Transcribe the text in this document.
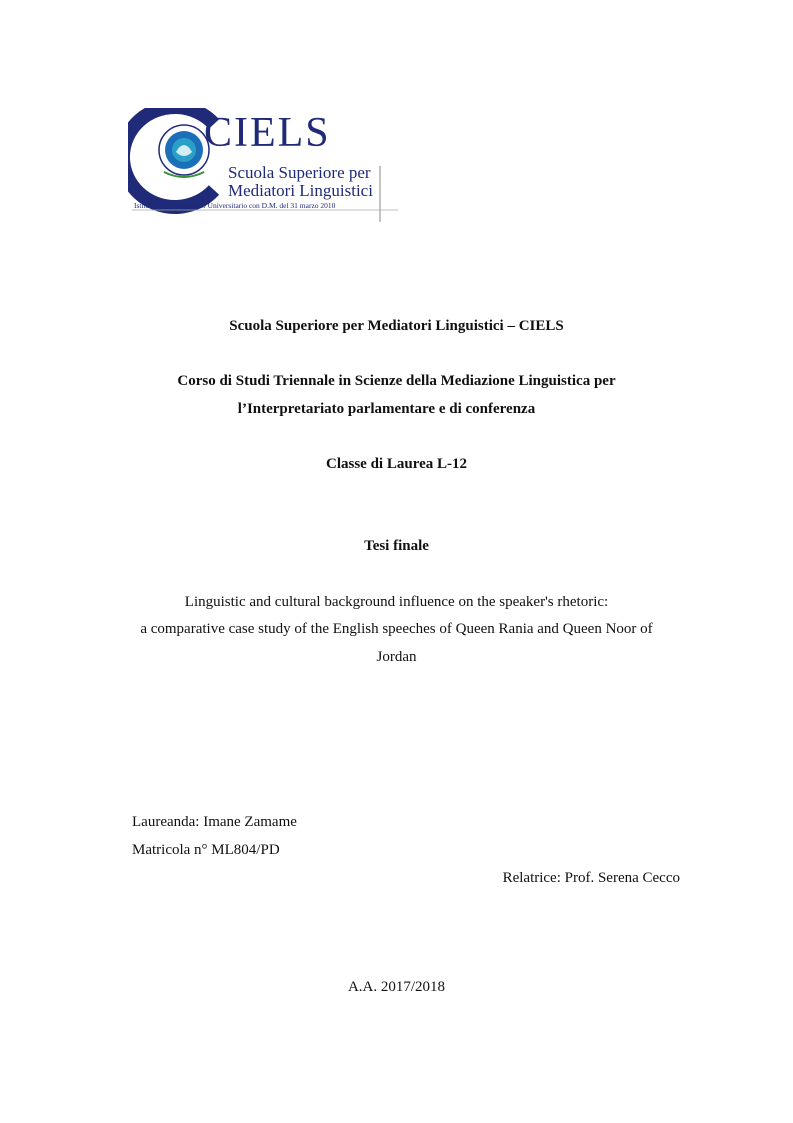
CIELS
Scuola Superiore per
Mediatori Linguistici
Istituto ad Ordinamento Universitario con D.M. del 31 marzo 2010
Scuola Superiore per Mediatori Linguistici – CIELS
Corso di Studi Triennale in Scienze della Mediazione Linguistica per
l’Interpretariato parlamentare e di conferenza
Classe di Laurea L-12
Tesi finale
Linguistic and cultural background influence on the speaker's rhetoric:
a comparative case study of the English speeches of Queen Rania and Queen Noor of
Jordan
Laureanda: Imane Zamame
Matricola n° ML804/PD
Relatrice: Prof. Serena Cecco
A.A. 2017/2018
